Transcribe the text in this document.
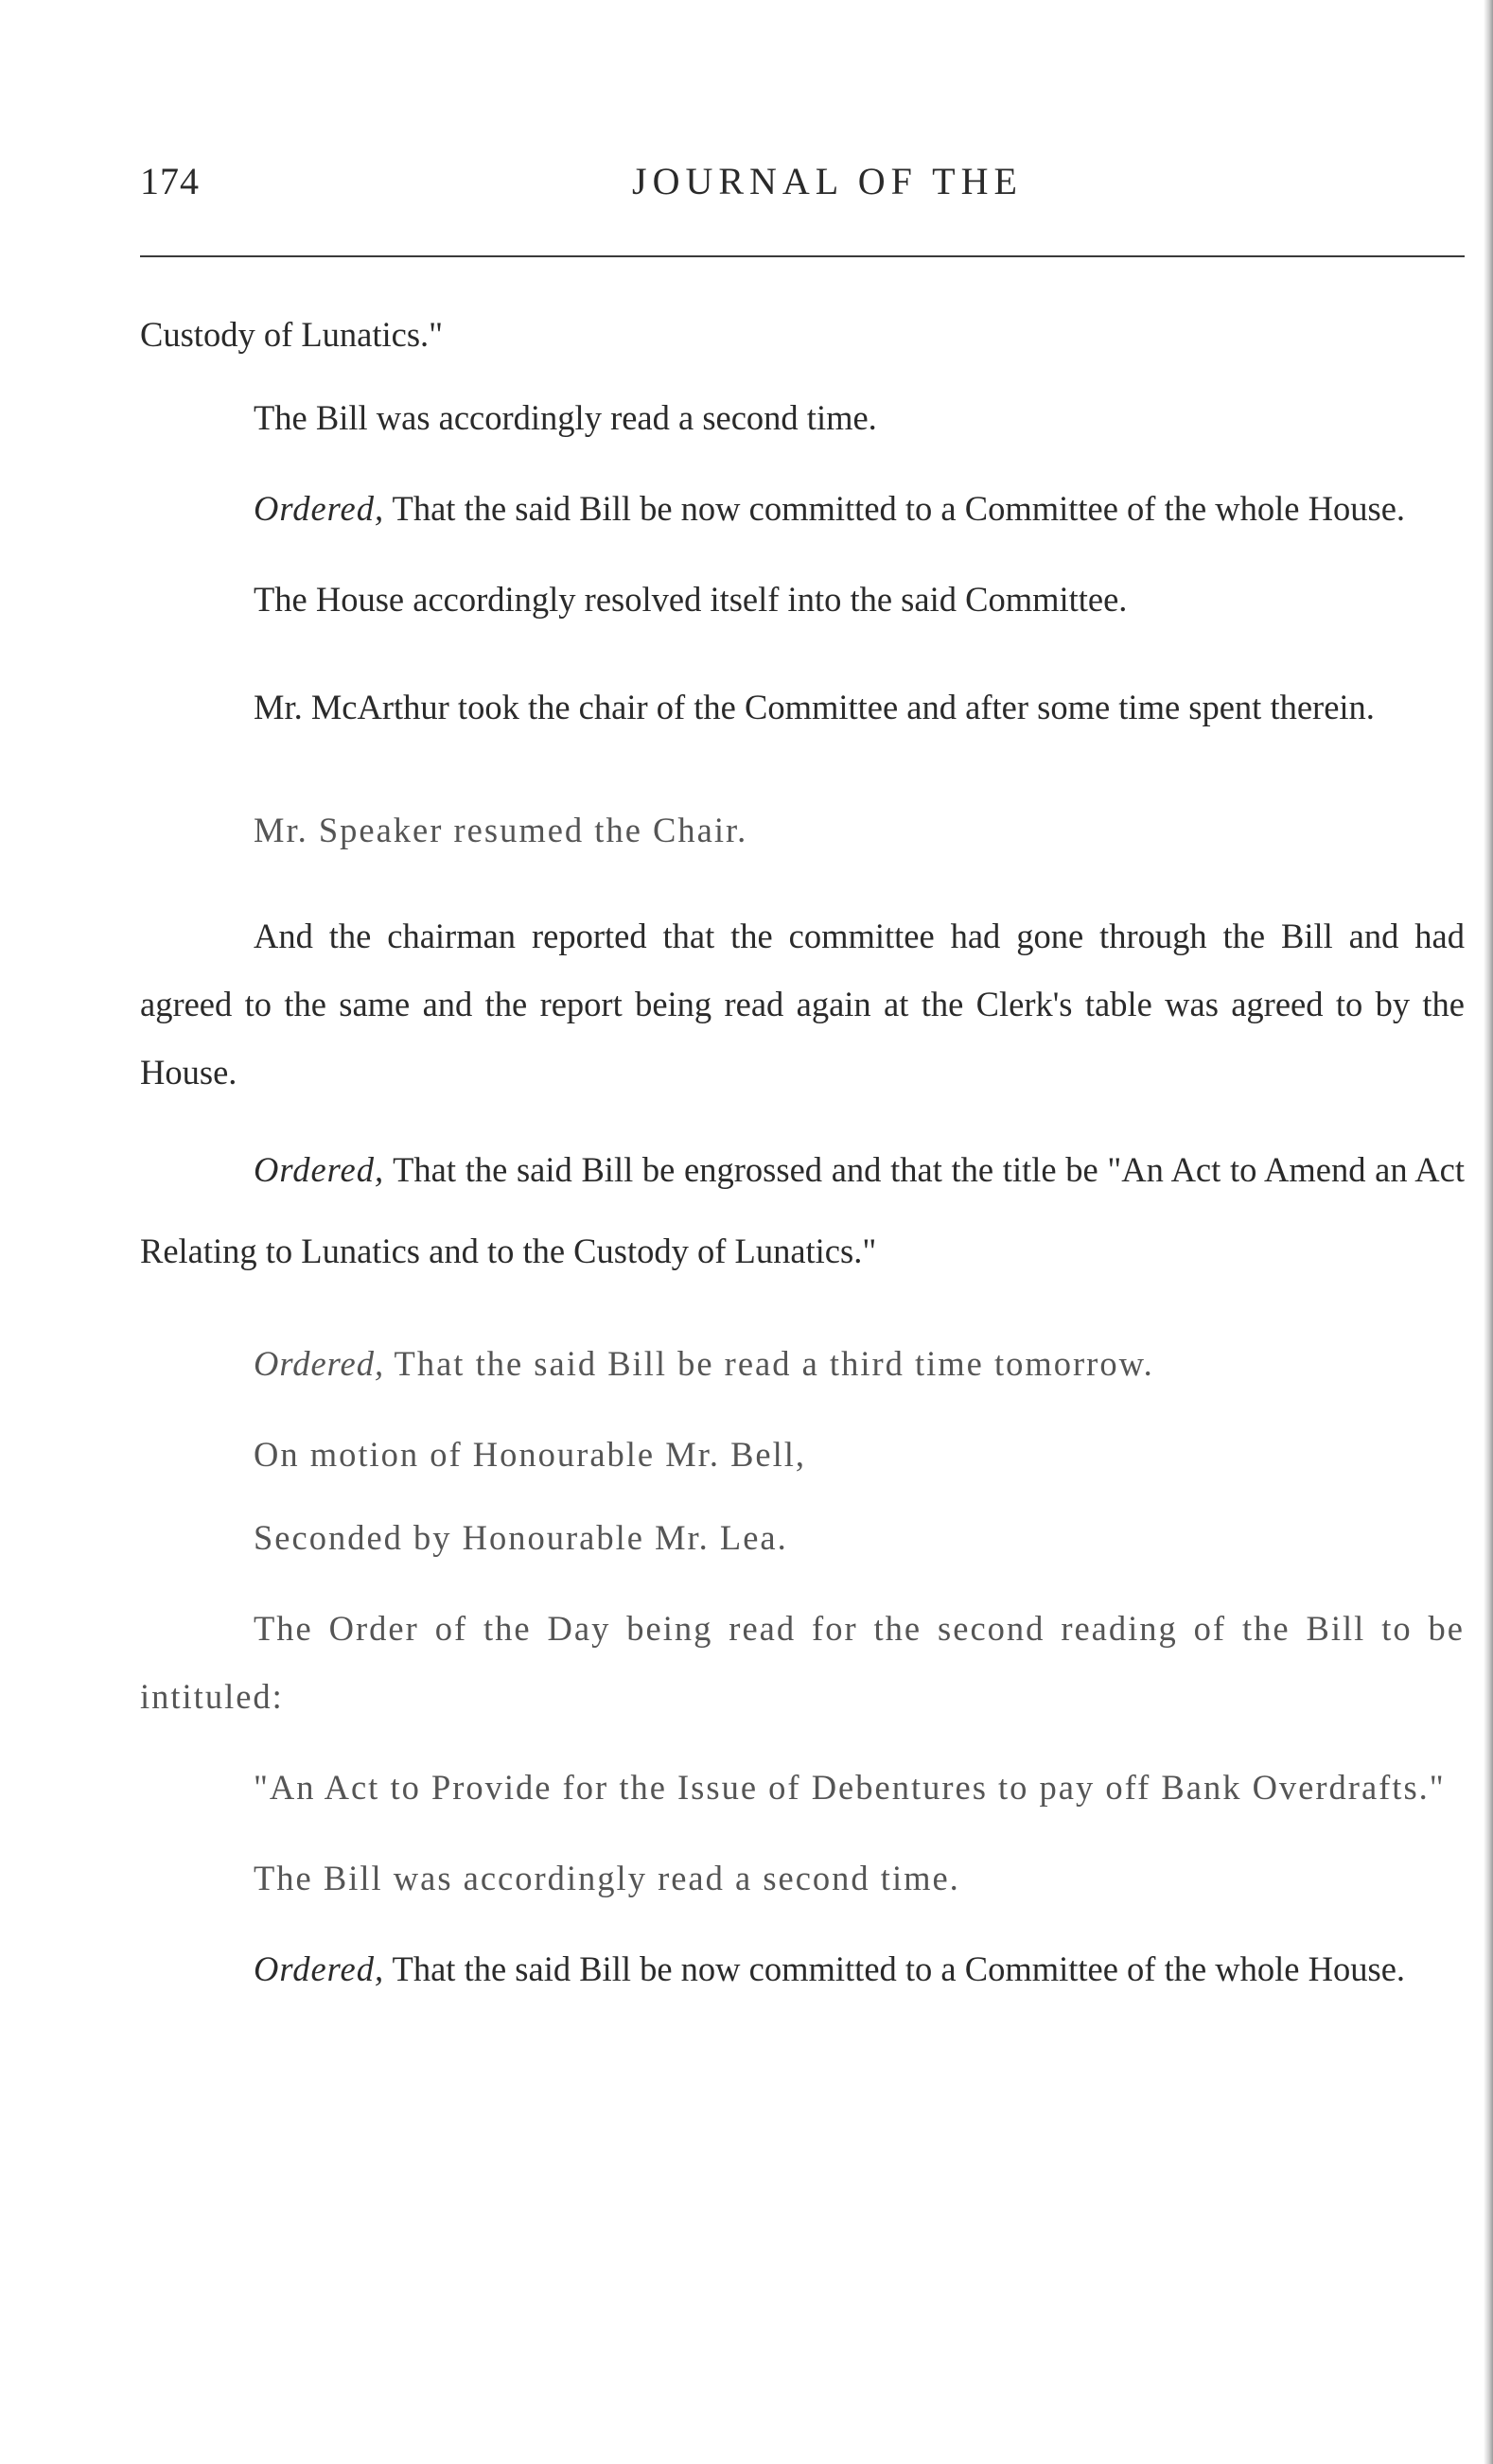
174	JOURNAL OF THE

Custody of Lunatics."

The Bill was accordingly read a second time.

Ordered, That the said Bill be now committed to a Committee of the whole House.

The House accordingly resolved itself into the said Committee.

Mr. McArthur took the chair of the Committee and after some time spent therein.

Mr. Speaker resumed the Chair.

And the chairman reported that the committee had gone through the Bill and had agreed to the same and the report being read again at the Clerk's table was agreed to by the House.

Ordered, That the said Bill be engrossed and that the title be "An Act to Amend an Act Relating to Lunatics and to the Custody of Lunatics."

Ordered, That the said Bill be read a third time tomorrow.

On motion of Honourable Mr. Bell,

Seconded by Honourable Mr. Lea.

The Order of the Day being read for the second reading of the Bill to be intituled:

"An Act to Provide for the Issue of Debentures to pay off Bank Overdrafts."

The Bill was accordingly read a second time.

Ordered, That the said Bill be now committed to a Committee of the whole House.
